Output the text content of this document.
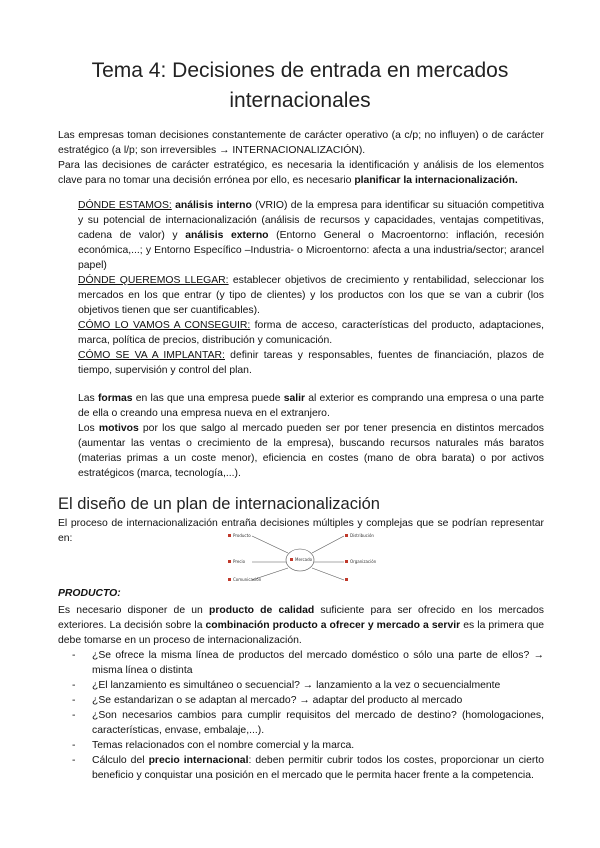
Tema 4: Decisiones de entrada en mercados internacionales

Las empresas toman decisiones constantemente de carácter operativo (a c/p; no influyen) o de carácter estratégico (a l/p; son irreversibles → INTERNACIONALIZACIÓN).

Para las decisiones de carácter estratégico, es necesaria la identificación y análisis de los elementos clave para no tomar una decisión errónea por ello, es necesario planificar la internacionalización.

DÓNDE ESTAMOS: análisis interno (VRIO) de la empresa para identificar su situación competitiva y su potencial de internacionalización (análisis de recursos y capacidades, ventajas competitivas, cadena de valor) y análisis externo (Entorno General o Macroentorno: inflación, recesión económica,...; y Entorno Específico –Industria- o Microentorno: afecta a una industria/sector; arancel papel)

DÓNDE QUEREMOS LLEGAR: establecer objetivos de crecimiento y rentabilidad, seleccionar los mercados en los que entrar (y tipo de clientes) y los productos con los que se van a cubrir (los objetivos tienen que ser cuantificables).

CÓMO LO VAMOS A CONSEGUIR: forma de acceso, características del producto, adaptaciones, marca, política de precios, distribución y comunicación.

CÓMO SE VA A IMPLANTAR: definir tareas y responsables, fuentes de financiación, plazos de tiempo, supervisión y control del plan.

Las formas en las que una empresa puede salir al exterior es comprando una empresa o una parte de ella o creando una empresa nueva en el extranjero.

Los motivos por los que salgo al mercado pueden ser por tener presencia en distintos mercados (aumentar las ventas o crecimiento de la empresa), buscando recursos naturales más baratos (materias primas a un coste menor), eficiencia en costes (mano de obra barata) o por activos estratégicos (marca, tecnología,...).

El diseño de un plan de internacionalización

El proceso de internacionalización entraña decisiones múltiples y complejas que se podrían representar en:	Producto
Precio
Comunicación
Mercado
Distribución
Organización

PRODUCTO:

Es necesario disponer de un producto de calidad suficiente para ser ofrecido en los mercados exteriores. La decisión sobre la combinación producto a ofrecer y mercado a servir es la primera que debe tomarse en un proceso de internacionalización.

- ¿Se ofrece la misma línea de productos del mercado doméstico o sólo una parte de ellos? → misma línea o distinta
- ¿El lanzamiento es simultáneo o secuencial? → lanzamiento a la vez o secuencialmente
- ¿Se estandarizan o se adaptan al mercado? → adaptar del producto al mercado
- ¿Son necesarios cambios para cumplir requisitos del mercado de destino? (homologaciones, características, envase, embalaje,...).
- Temas relacionados con el nombre comercial y la marca.
- Cálculo del precio internacional: deben permitir cubrir todos los costes, proporcionar un cierto beneficio y conquistar una posición en el mercado que le permita hacer frente a la competencia.
